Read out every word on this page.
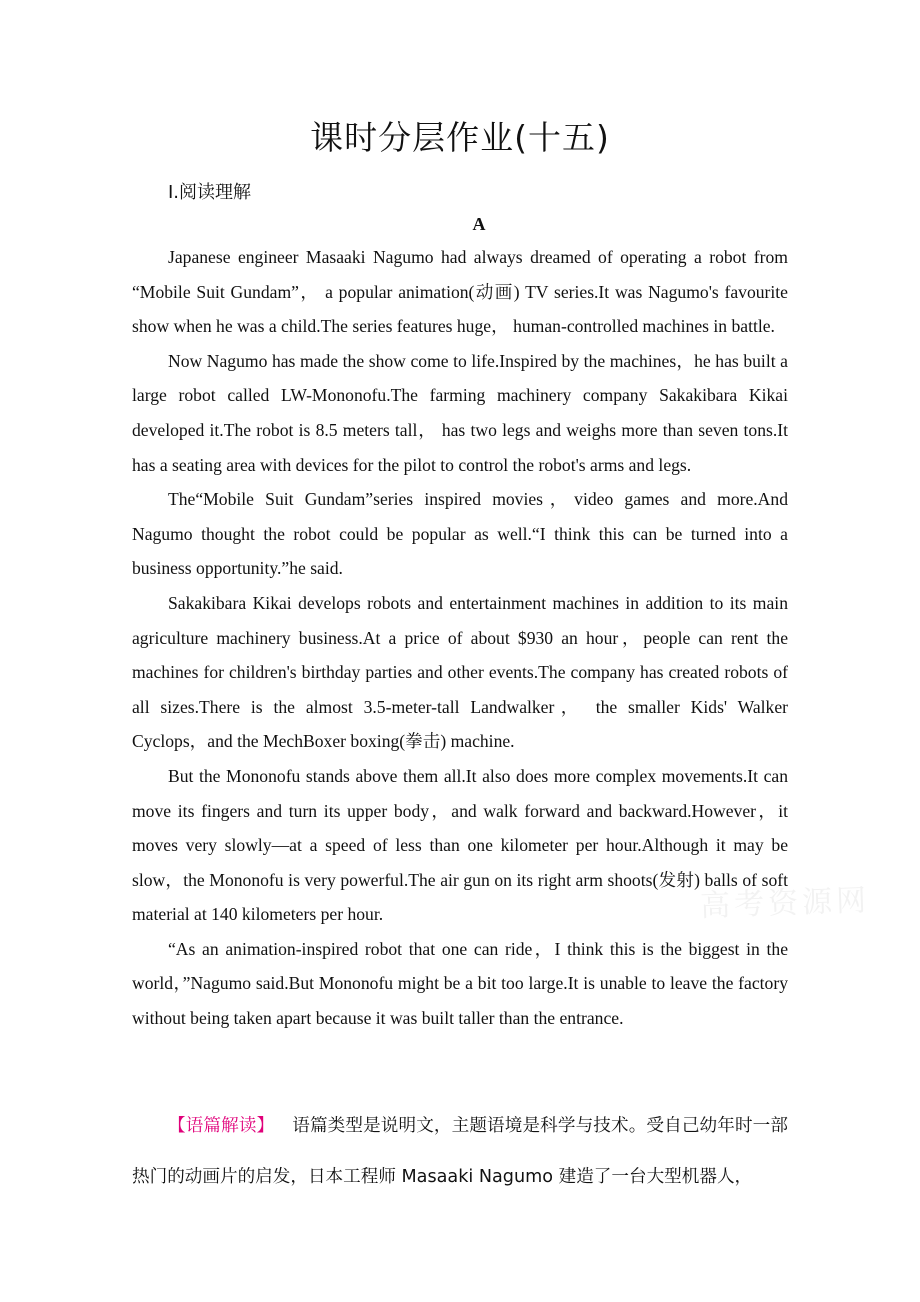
课时分层作业(十五)
Ⅰ.阅读理解
A

Japanese engineer Masaaki Nagumo had always dreamed of operating a robot from “Mobile Suit Gundam”， a popular animation(动画) TV series.It was Nagumo's favourite show when he was a child.The series features huge， human-controlled machines in battle.

Now Nagumo has made the show come to life.Inspired by the machines，he has built a large robot called LW-Mononofu.The farming machinery company Sakakibara Kikai developed it.The robot is 8.5 meters tall， has two legs and weighs more than seven tons.It has a seating area with devices for the pilot to control the robot's arms and legs.

The“Mobile Suit Gundam”series inspired movies，video games and more.And Nagumo thought the robot could be popular as well.“I think this can be turned into a business opportunity.”he said.

Sakakibara Kikai develops robots and entertainment machines in addition to its main agriculture machinery business.At a price of about $930 an hour，people can rent the machines for children's birthday parties and other events.The company has created robots of all sizes.There is the almost 3.5-meter-tall Landwalker， the smaller Kids' Walker Cyclops，and the MechBoxer boxing(拳击) machine.

But the Mononofu stands above them all.It also does more complex movements.It can move its fingers and turn its upper body，and walk forward and backward.However，it moves very slowly—at a speed of less than one kilometer per hour.Although it may be slow，the Mononofu is very powerful.The air gun on its right arm shoots(发射) balls of soft material at 140 kilometers per hour.

“As an animation-inspired robot that one can ride，I think this is the biggest in the world，”Nagumo said.But Mononofu might be a bit too large.It is unable to leave the factory without being taken apart because it was built taller than the entrance.

【语篇解读】 语篇类型是说明文，主题语境是科学与技术。受自己幼年时一部热门的动画片的启发，日本工程师 Masaaki Nagumo 建造了一台大型机器人，
高考资源网
